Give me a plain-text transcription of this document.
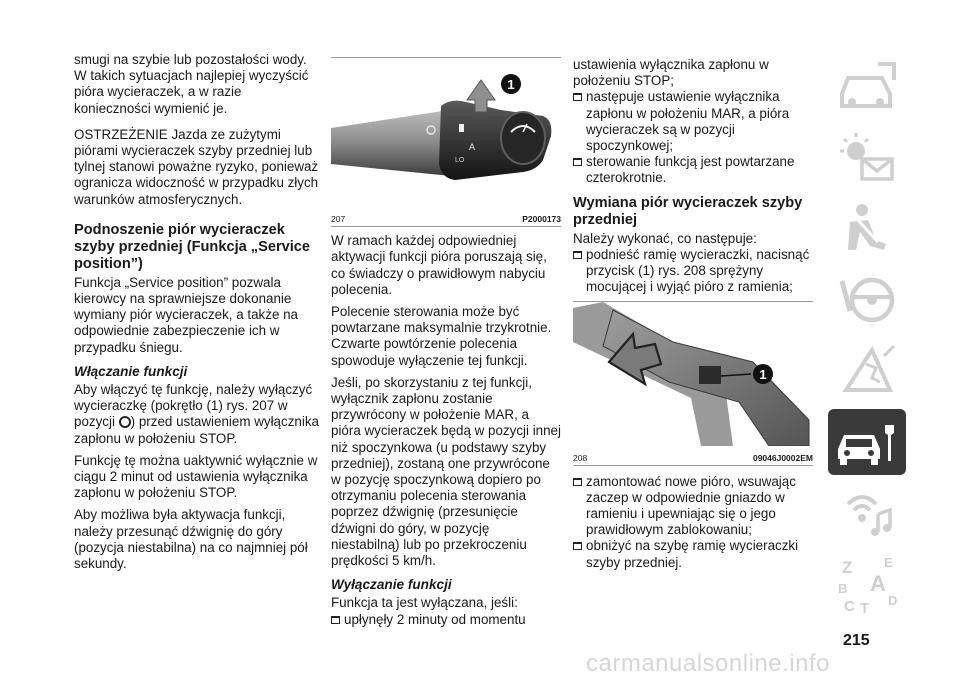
smugi na szybie lub pozostałości wody. W takich sytuacjach najlepiej wyczyścić pióra wycieraczek, a w razie konieczności wymienić je.

OSTRZEŻENIE Jazda ze zużytymi piórami wycieraczek szyby przedniej lub tylnej stanowi poważne ryzyko, ponieważ ogranicza widoczność w przypadku złych warunków atmosferycznych.

Podnoszenie piór wycieraczek szyby przedniej (Funkcja „Service position”)

Funkcja „Service position” pozwala kierowcy na sprawniejsze dokonanie wymiany piór wycieraczek, a także na odpowiednie zabezpieczenie ich w przypadku śniegu.

Włączanie funkcji

Aby włączyć tę funkcję, należy wyłączyć wycieraczkę (pokrętło (1) rys. 207 w pozycji ) przed ustawieniem wyłącznika zapłonu w położeniu STOP.

Funkcję tę można uaktywnić wyłącznie w ciągu 2 minut od ustawienia wyłącznika zapłonu w położeniu STOP.

Aby możliwa była aktywacja funkcji, należy przesunąć dźwignię do góry (pozycja niestabilna) na co najmniej pół sekundy.

A
LO
1
207	P2000173

W ramach każdej odpowiedniej aktywacji funkcji pióra poruszają się, co świadczy o prawidłowym nabyciu polecenia.

Polecenie sterowania może być powtarzane maksymalnie trzykrotnie. Czwarte powtórzenie polecenia spowoduje wyłączenie tej funkcji.

Jeśli, po skorzystaniu z tej funkcji, wyłącznik zapłonu zostanie przywrócony w położenie MAR, a pióra wycieraczek będą w pozycji innej niż spoczynkowa (u podstawy szyby przedniej), zostaną one przywrócone w pozycję spoczynkową dopiero po otrzymaniu polecenia sterowania poprzez dźwignię (przesunięcie dźwigni do góry, w pozycję niestabilną) lub po przekroczeniu prędkości 5 km/h.

Wyłączanie funkcji

Funkcja ta jest wyłączana, jeśli:

upłynęły 2 minuty od momentu

ustawienia wyłącznika zapłonu w położeniu STOP;

następuje ustawienie wyłącznika zapłonu w położeniu MAR, a pióra wycieraczek są w pozycji spoczynkowej;
sterowanie funkcją jest powtarzane czterokrotnie.
Wymiana piór wycieraczek szyby przedniej

Należy wykonać, co następuje:

podnieść ramię wycieraczki, nacisnąć przycisk (1) rys. 208 sprężyny mocującej i wyjąć pióro z ramienia;
1
208	09046J0002EM
zamontować nowe pióro, wsuwając zaczep w odpowiednie gniazdo w ramieniu i upewniając się o jego prawidłowym zablokowaniu;
obniżyć na szybę ramię wycieraczki szyby przedniej.	Z E
B A
C T D
215
carmanualsonline.info
